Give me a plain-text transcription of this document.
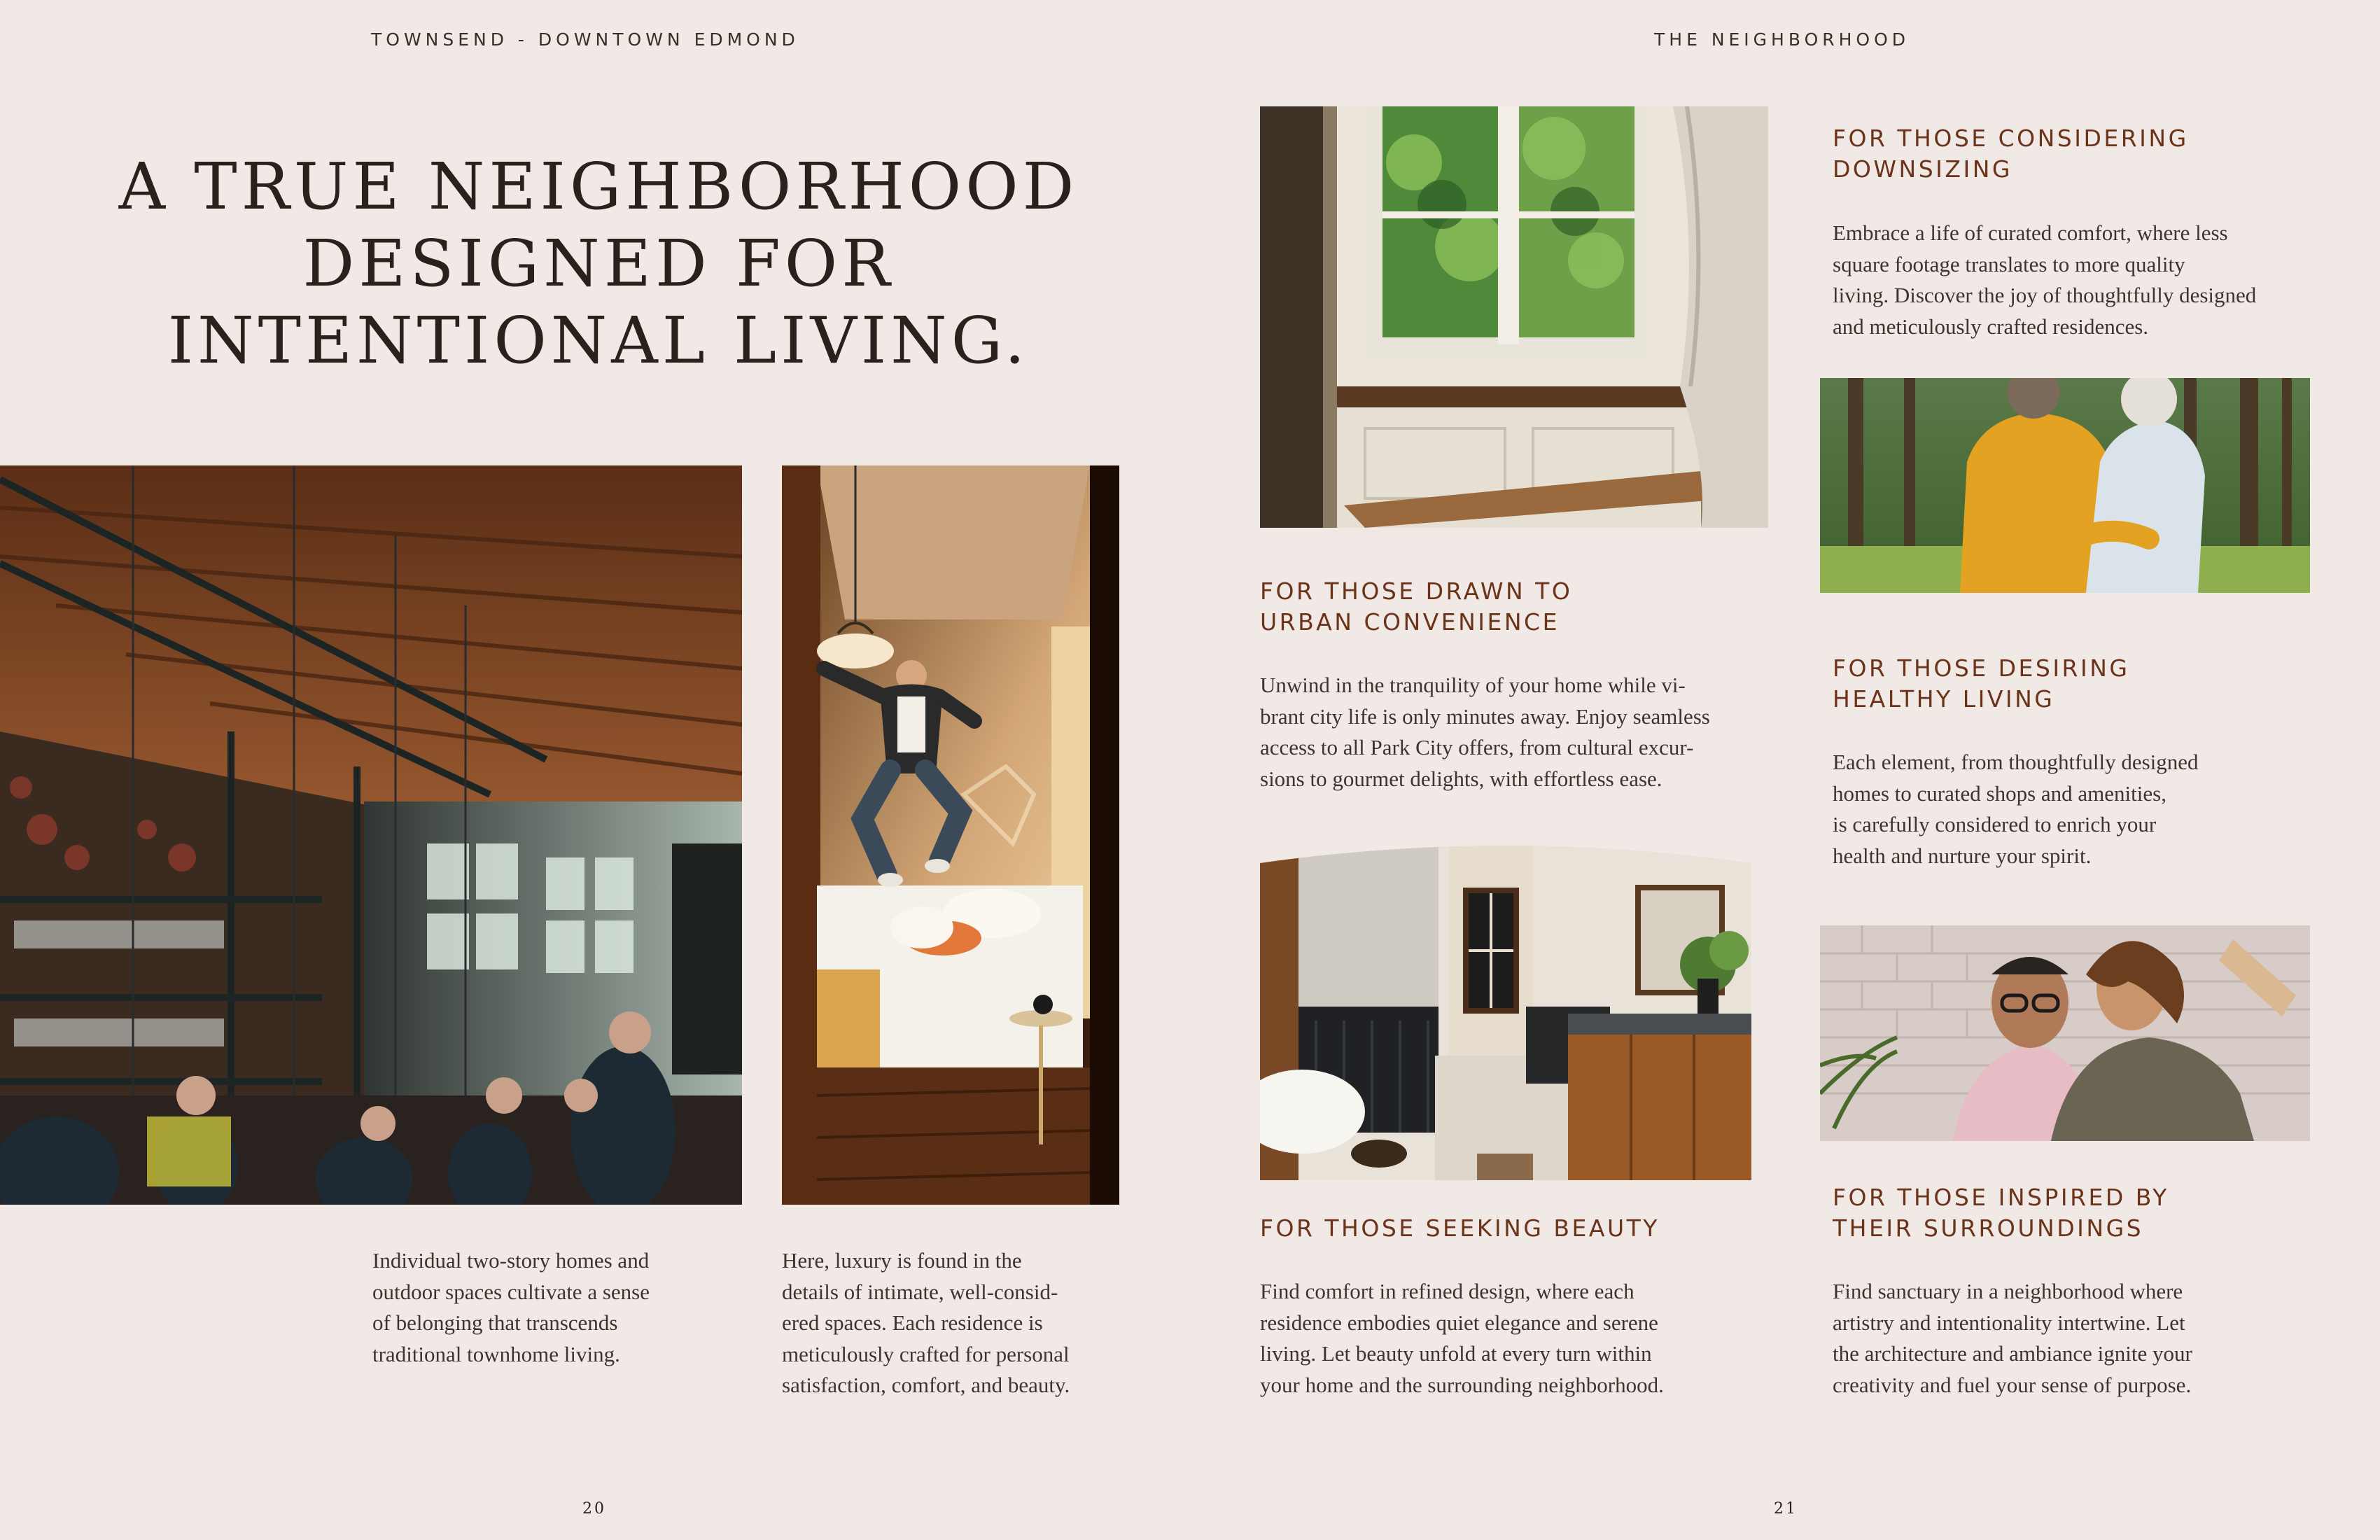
TOWNSEND - DOWNTOWN EDMOND
A TRUE NEIGHBORHOOD
DESIGNED FOR
INTENTIONAL LIVING.
Individual two-story homes and
outdoor spaces cultivate a sense
of belonging that transcends
traditional townhome living.
Here, luxury is found in the
details of intimate, well-consid-
ered spaces. Each residence is
meticulously crafted for personal
satisfaction, comfort, and beauty.
20
THE NEIGHBORHOOD
FOR THOSE DRAWN TO
URBAN CONVENIENCE
Unwind in the tranquility of your home while vi-
brant city life is only minutes away. Enjoy seamless
access to all Park City offers, from cultural excur-
sions to gourmet delights, with effortless ease.
FOR THOSE SEEKING BEAUTY
Find comfort in refined design, where each
residence embodies quiet elegance and serene
living. Let beauty unfold at every turn within
your home and the surrounding neighborhood.
FOR THOSE CONSIDERING
DOWNSIZING
Embrace a life of curated comfort, where less
square footage translates to more quality
living. Discover the joy of thoughtfully designed
and meticulously crafted residences.
FOR THOSE DESIRING
HEALTHY LIVING
Each element, from thoughtfully designed
homes to curated shops and amenities,
is carefully considered to enrich your
health and nurture your spirit.
FOR THOSE INSPIRED BY
THEIR SURROUNDINGS
Find sanctuary in a neighborhood where
artistry and intentionality intertwine. Let
the architecture and ambiance ignite your
creativity and fuel your sense of purpose.
21
